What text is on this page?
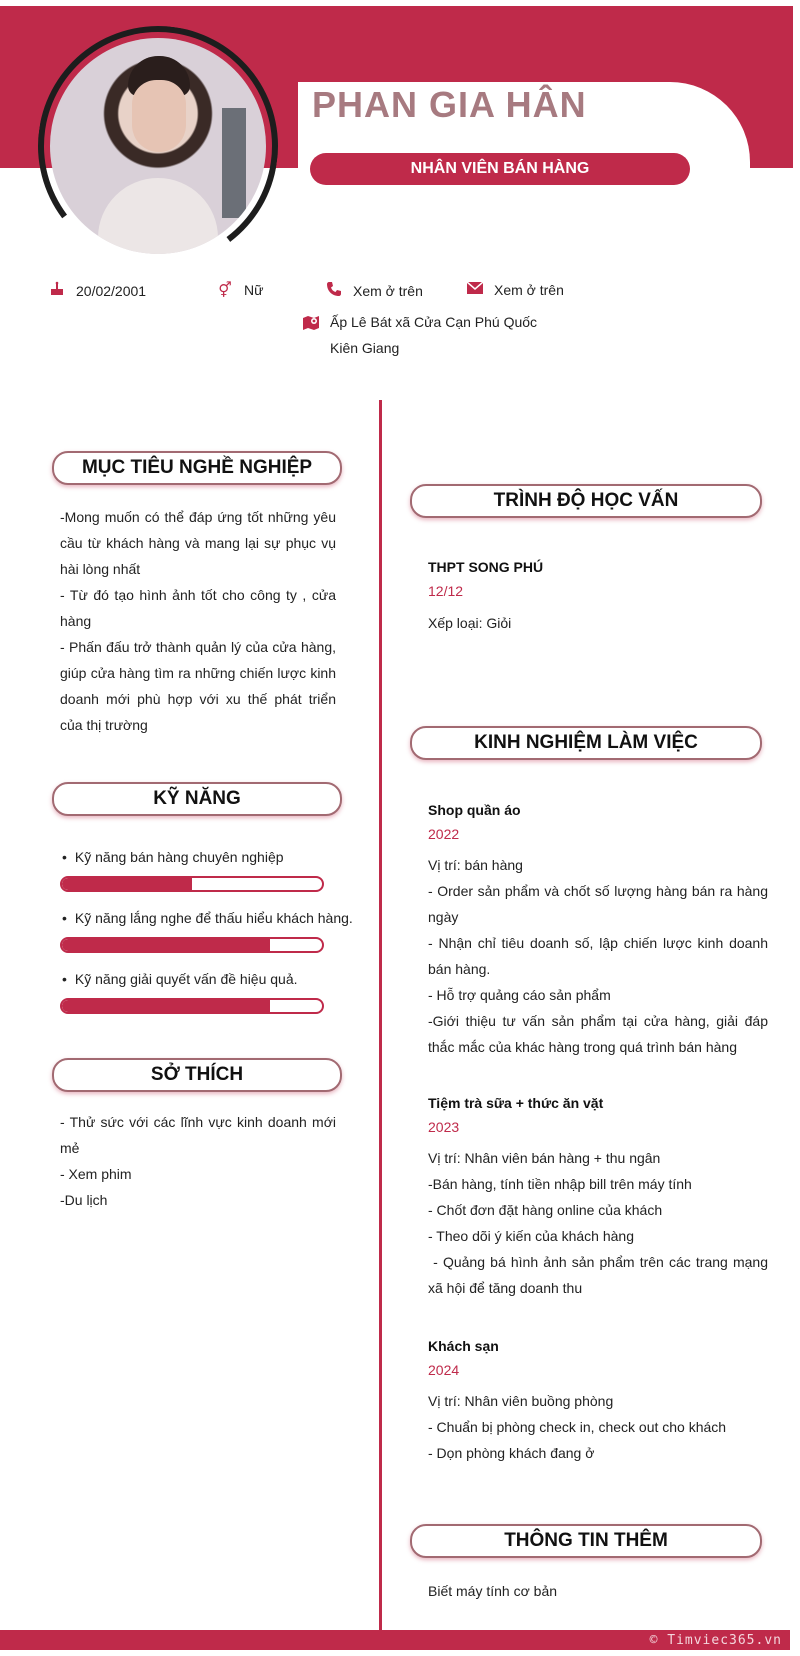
PHAN GIA HÂN
NHÂN VIÊN BÁN HÀNG
20/02/2001	⚥ Nữ	Xem ở trên	Xem ở trên
Ấp Lê Bát xã Cửa Cạn Phú Quốc
Kiên Giang
MỤC TIÊU NGHỀ NGHIỆP
-Mong muốn có thể đáp ứng tốt những yêu cầu từ khách hàng và mang lại sự phục vụ hài lòng nhất
- Từ đó tạo hình ảnh tốt cho công ty , cửa hàng
- Phấn đấu trở thành quản lý của cửa hàng, giúp cửa hàng tìm ra những chiến lược kinh doanh mới phù hợp với xu thế phát triển của thị trường
KỸ NĂNG
• Kỹ năng bán hàng chuyên nghiệp
• Kỹ năng lắng nghe để thấu hiểu khách hàng.
• Kỹ năng giải quyết vấn đề hiệu quả.
SỞ THÍCH
- Thử sức với các lĩnh vực kinh doanh mới mẻ
- Xem phim
-Du lịch
TRÌNH ĐỘ HỌC VẤN
THPT SONG PHÚ
12/12
Xếp loại: Giỏi
KINH NGHIỆM LÀM VIỆC
Shop quần áo
2022
Vị trí: bán hàng
- Order sản phẩm và chốt số lượng hàng bán ra hàng ngày
- Nhận chỉ tiêu doanh số, lập chiến lược kinh doanh bán hàng.
- Hỗ trợ quảng cáo sản phẩm
-Giới thiệu tư vấn sản phẩm tại cửa hàng, giải đáp thắc mắc của khác hàng trong quá trình bán hàng
Tiệm trà sữa + thức ăn vặt
2023
Vị trí: Nhân viên bán hàng + thu ngân
-Bán hàng, tính tiền nhập bill trên máy tính
- Chốt đơn đặt hàng online của khách
- Theo dõi ý kiến của khách hàng
- Quảng bá hình ảnh sản phẩm trên các trang mạng xã hội để tăng doanh thu
Khách sạn
2024
Vị trí: Nhân viên buồng phòng
- Chuẩn bị phòng check in, check out cho khách
- Dọn phòng khách đang ở
THÔNG TIN THÊM
Biết máy tính cơ bản
© Timviec365.vn
